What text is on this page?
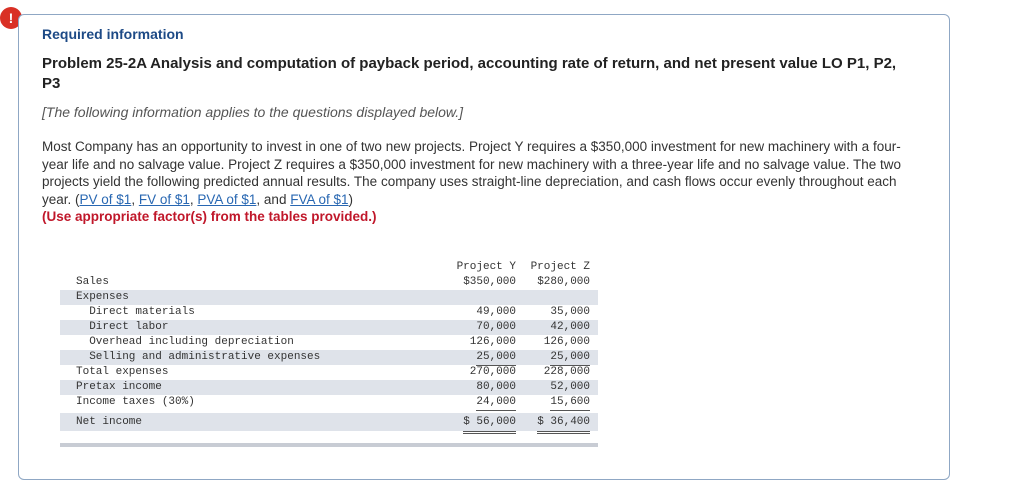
!
Required information
Problem 25-2A Analysis and computation of payback period, accounting rate of return, and net present value LO P1, P2, P3
[The following information applies to the questions displayed below.]
Most Company has an opportunity to invest in one of two new projects. Project Y requires a $350,000 investment for new machinery with a four-year life and no salvage value. Project Z requires a $350,000 investment for new machinery with a three-year life and no salvage value. The two projects yield the following predicted annual results. The company uses straight-line depreciation, and cash flows occur evenly throughout each year. (PV of $1, FV of $1, PVA of $1, and FVA of $1)
(Use appropriate factor(s) from the tables provided.)
Project Y Project Z
Sales	$350,000 $280,000
Expenses
Direct materials	49,000	35,000
Direct labor	70,000	42,000
Overhead including depreciation	126,000	126,000
Selling and administrative expenses	25,000	25,000
Total expenses	270,000	228,000
Pretax income	80,000	52,000
Income taxes (30%)	24,000	15,600
Net income	$ 56,000 $ 36,400
